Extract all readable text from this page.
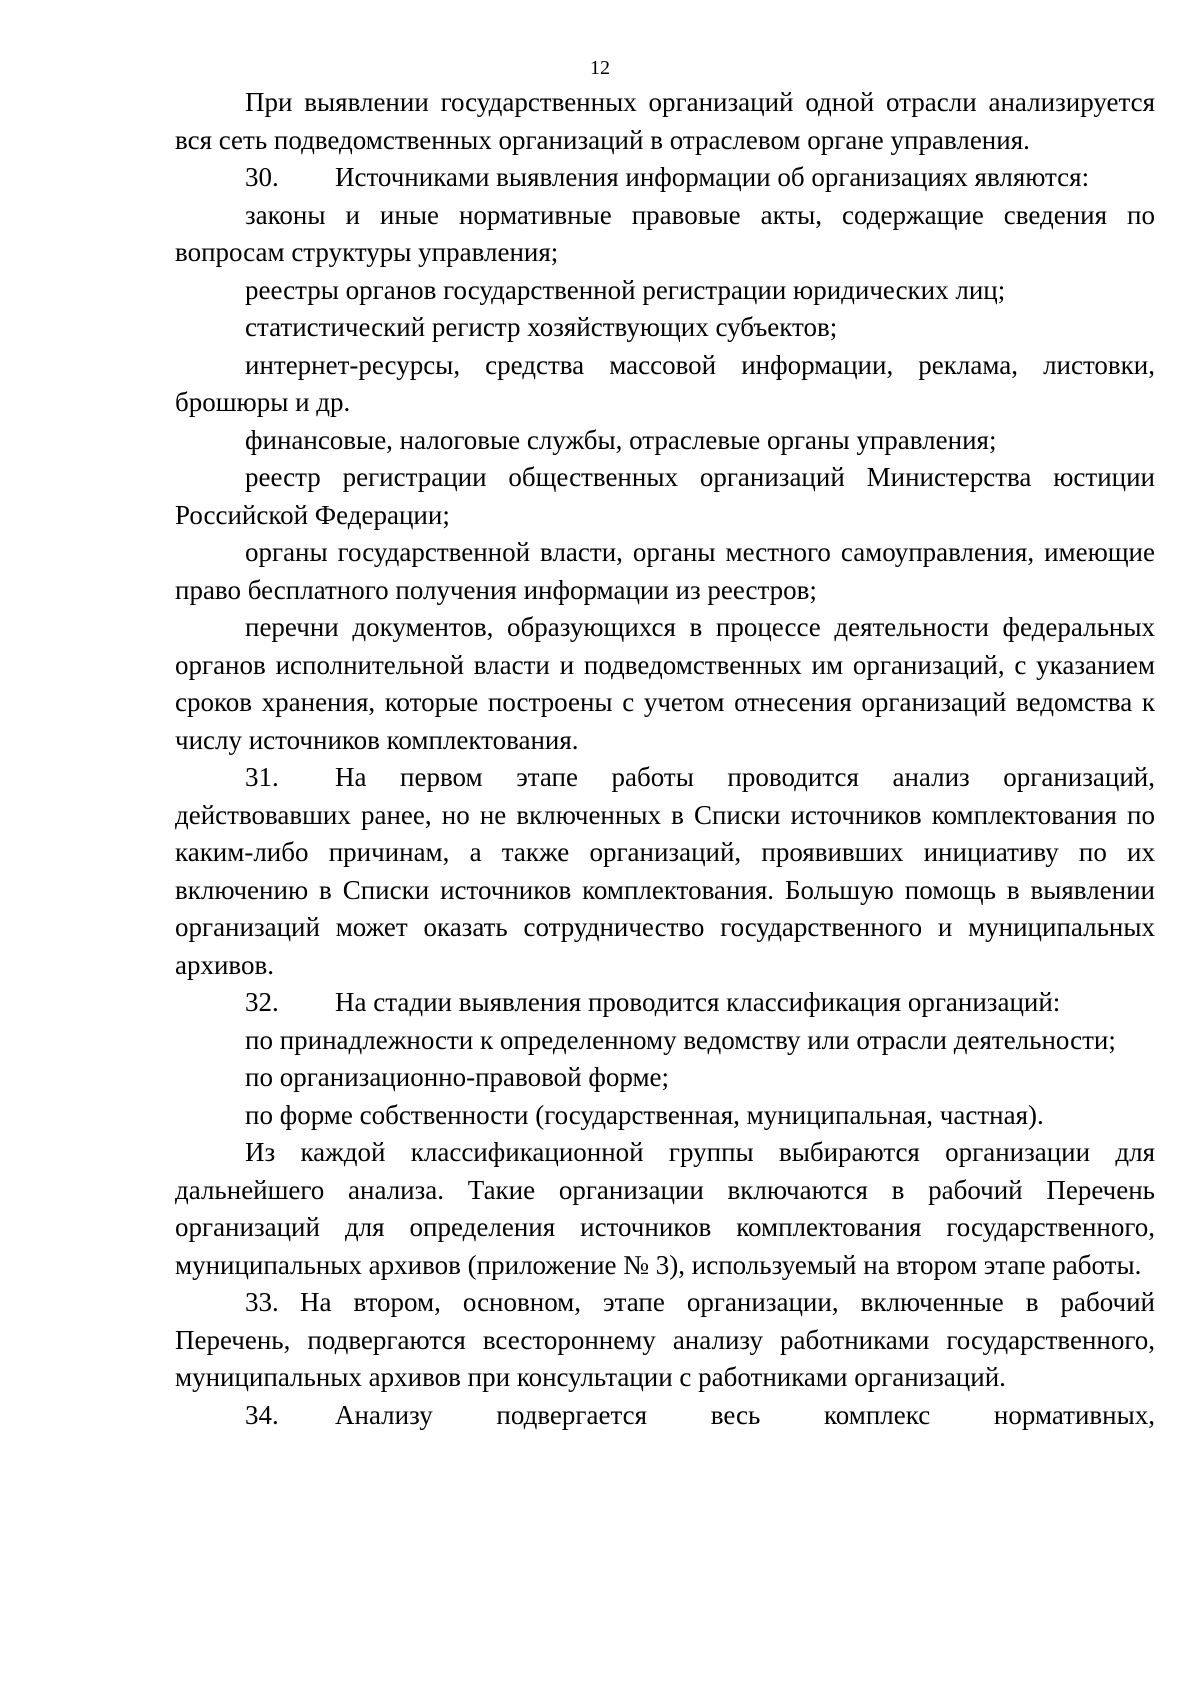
12

При выявлении государственных организаций одной отрасли анализируется вся сеть подведомственных организаций в отраслевом органе управления.

30. Источниками выявления информации об организациях являются:

законы и иные нормативные правовые акты, содержащие сведения по вопросам структуры управления;

реестры органов государственной регистрации юридических лиц;

статистический регистр хозяйствующих субъектов;

интернет-ресурсы, средства массовой информации, реклама, листовки, брошюры и др.

финансовые, налоговые службы, отраслевые органы управления;

реестр регистрации общественных организаций Министерства юстиции Российской Федерации;

органы государственной власти, органы местного самоуправления, имеющие право бесплатного получения информации из реестров;

перечни документов, образующихся в процессе деятельности федеральных органов исполнительной власти и подведомственных им организаций, с указанием сроков хранения, которые построены с учетом отнесения организаций ведомства к числу источников комплектования.

31. На первом этапе работы проводится анализ организаций, действовавших ранее, но не включенных в Списки источников комплектования по каким-либо причинам, а также организаций, проявивших инициативу по их включению в Списки источников комплектования. Большую помощь в выявлении организаций может оказать сотрудничество государственного и муниципальных архивов.

32. На стадии выявления проводится классификация организаций:

по принадлежности к определенному ведомству или отрасли деятельности;

по организационно-правовой форме;

по форме собственности (государственная, муниципальная, частная).

Из каждой классификационной группы выбираются организации для дальнейшего анализа. Такие организации включаются в рабочий Перечень организаций для определения источников комплектования государственного, муниципальных архивов (приложение № 3), используемый на втором этапе работы.

33. На втором, основном, этапе организации, включенные в рабочий Перечень, подвергаются всестороннему анализу работниками государственного, муниципальных архивов при консультации с работниками организаций.

34. Анализу подвергается весь комплекс нормативных,
